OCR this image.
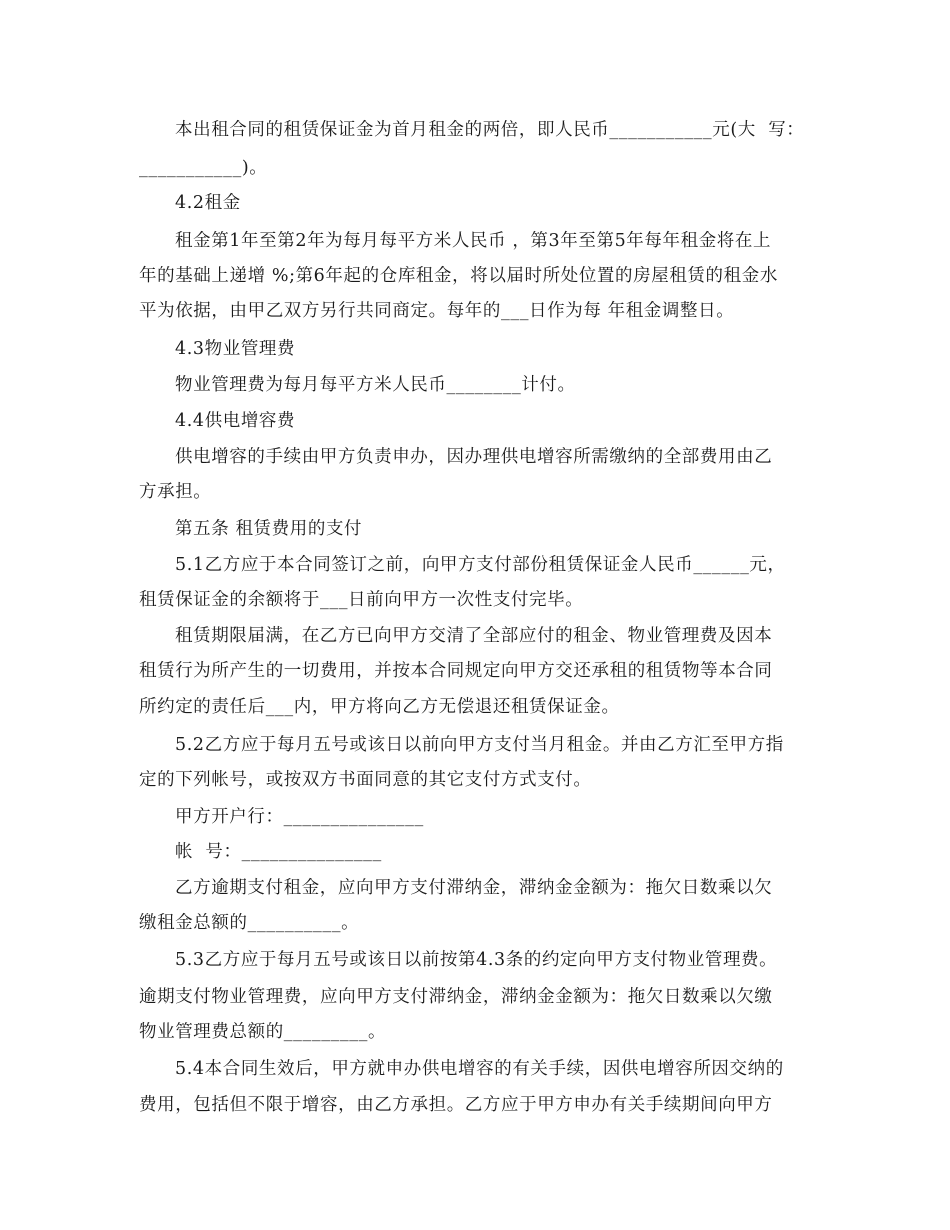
本出租合同的租赁保证金为首月租金的两倍，即人民币___________元(大  写：
___________)。
4.2租金
租金第1年至第2年为每月每平方米人民币 ，第3年至第5年每年租金将在上
年的基础上递增 %;第6年起的仓库租金，将以届时所处位置的房屋租赁的租金水
平为依据，由甲乙双方另行共同商定。每年的___日作为每 年租金调整日。
4.3物业管理费
物业管理费为每月每平方米人民币________计付。
4.4供电增容费
供电增容的手续由甲方负责申办，因办理供电增容所需缴纳的全部费用由乙
方承担。
第五条 租赁费用的支付
5.1乙方应于本合同签订之前，向甲方支付部份租赁保证金人民币______元，
租赁保证金的余额将于___日前向甲方一次性支付完毕。
租赁期限届满，在乙方已向甲方交清了全部应付的租金、物业管理费及因本
租赁行为所产生的一切费用，并按本合同规定向甲方交还承租的租赁物等本合同
所约定的责任后___内，甲方将向乙方无偿退还租赁保证金。
5.2乙方应于每月五号或该日以前向甲方支付当月租金。并由乙方汇至甲方指
定的下列帐号，或按双方书面同意的其它支付方式支付。
甲方开户行：_______________
帐  号：_______________
乙方逾期支付租金，应向甲方支付滞纳金，滞纳金金额为：拖欠日数乘以欠
缴租金总额的__________。
5.3乙方应于每月五号或该日以前按第4.3条的约定向甲方支付物业管理费。
逾期支付物业管理费，应向甲方支付滞纳金，滞纳金金额为：拖欠日数乘以欠缴
物业管理费总额的_________。
5.4本合同生效后，甲方就申办供电增容的有关手续，因供电增容所因交纳的
费用，包括但不限于增容，由乙方承担。乙方应于甲方申办有关手续期间向甲方
